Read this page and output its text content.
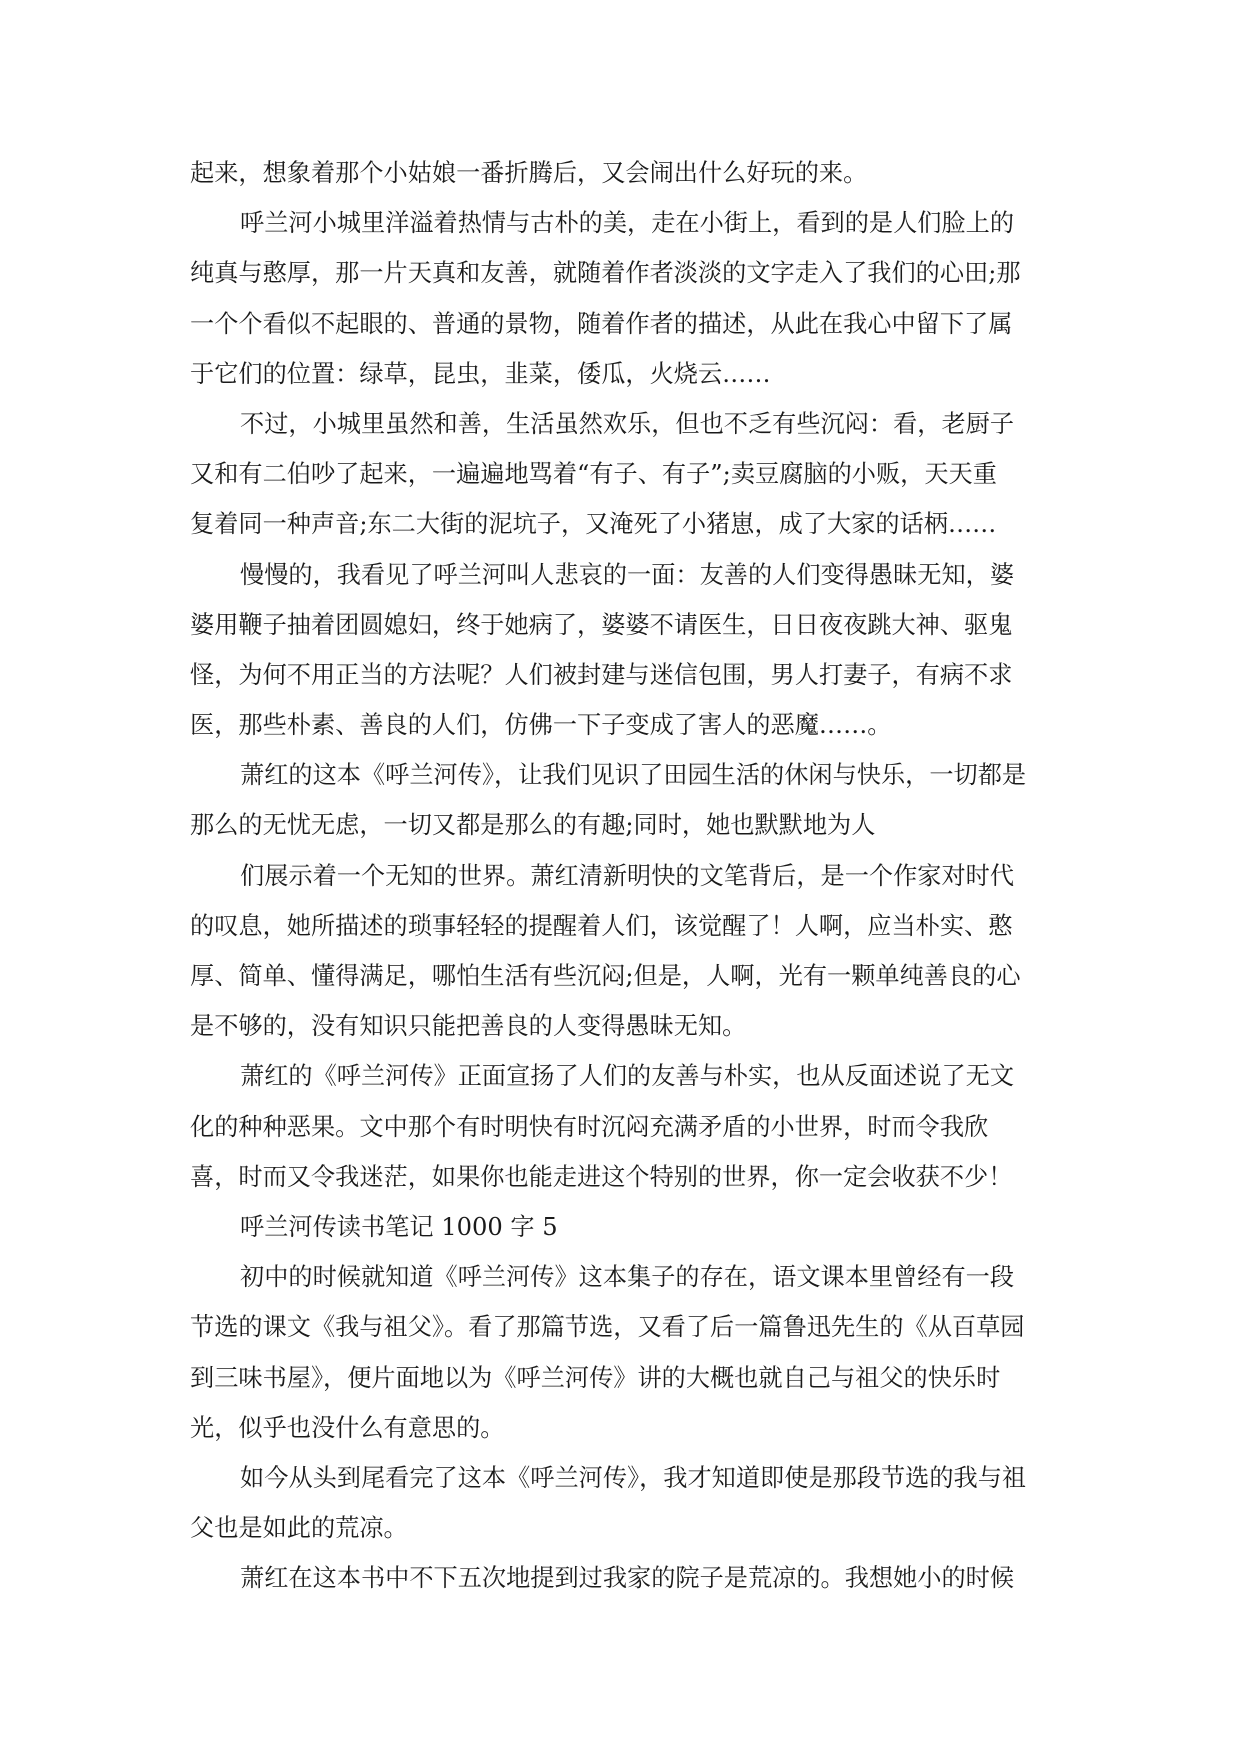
起来，想象着那个小姑娘一番折腾后，又会闹出什么好玩的来。
呼兰河小城里洋溢着热情与古朴的美，走在小街上，看到的是人们脸上的
纯真与憨厚，那一片天真和友善，就随着作者淡淡的文字走入了我们的心田;那
一个个看似不起眼的、普通的景物，随着作者的描述，从此在我心中留下了属
于它们的位置：绿草，昆虫，韭菜，倭瓜，火烧云……
不过，小城里虽然和善，生活虽然欢乐，但也不乏有些沉闷：看，老厨子
又和有二伯吵了起来，一遍遍地骂着“有子、有子”;卖豆腐脑的小贩，天天重
复着同一种声音;东二大街的泥坑子，又淹死了小猪崽，成了大家的话柄……
慢慢的，我看见了呼兰河叫人悲哀的一面：友善的人们变得愚昧无知，婆
婆用鞭子抽着团圆媳妇，终于她病了，婆婆不请医生，日日夜夜跳大神、驱鬼
怪，为何不用正当的方法呢？人们被封建与迷信包围，男人打妻子，有病不求
医，那些朴素、善良的人们，仿佛一下子变成了害人的恶魔……。
萧红的这本《呼兰河传》，让我们见识了田园生活的休闲与快乐，一切都是
那么的无忧无虑，一切又都是那么的有趣;同时，她也默默地为人
们展示着一个无知的世界。萧红清新明快的文笔背后，是一个作家对时代
的叹息，她所描述的琐事轻轻的提醒着人们，该觉醒了！人啊，应当朴实、憨
厚、简单、懂得满足，哪怕生活有些沉闷;但是，人啊，光有一颗单纯善良的心
是不够的，没有知识只能把善良的人变得愚昧无知。
萧红的《呼兰河传》正面宣扬了人们的友善与朴实，也从反面述说了无文
化的种种恶果。文中那个有时明快有时沉闷充满矛盾的小世界，时而令我欣
喜，时而又令我迷茫，如果你也能走进这个特别的世界，你一定会收获不少！
呼兰河传读书笔记 1000 字 5
初中的时候就知道《呼兰河传》这本集子的存在，语文课本里曾经有一段
节选的课文《我与祖父》。看了那篇节选，又看了后一篇鲁迅先生的《从百草园
到三味书屋》，便片面地以为《呼兰河传》讲的大概也就自己与祖父的快乐时
光，似乎也没什么有意思的。
如今从头到尾看完了这本《呼兰河传》，我才知道即使是那段节选的我与祖
父也是如此的荒凉。
萧红在这本书中不下五次地提到过我家的院子是荒凉的。我想她小的时候
